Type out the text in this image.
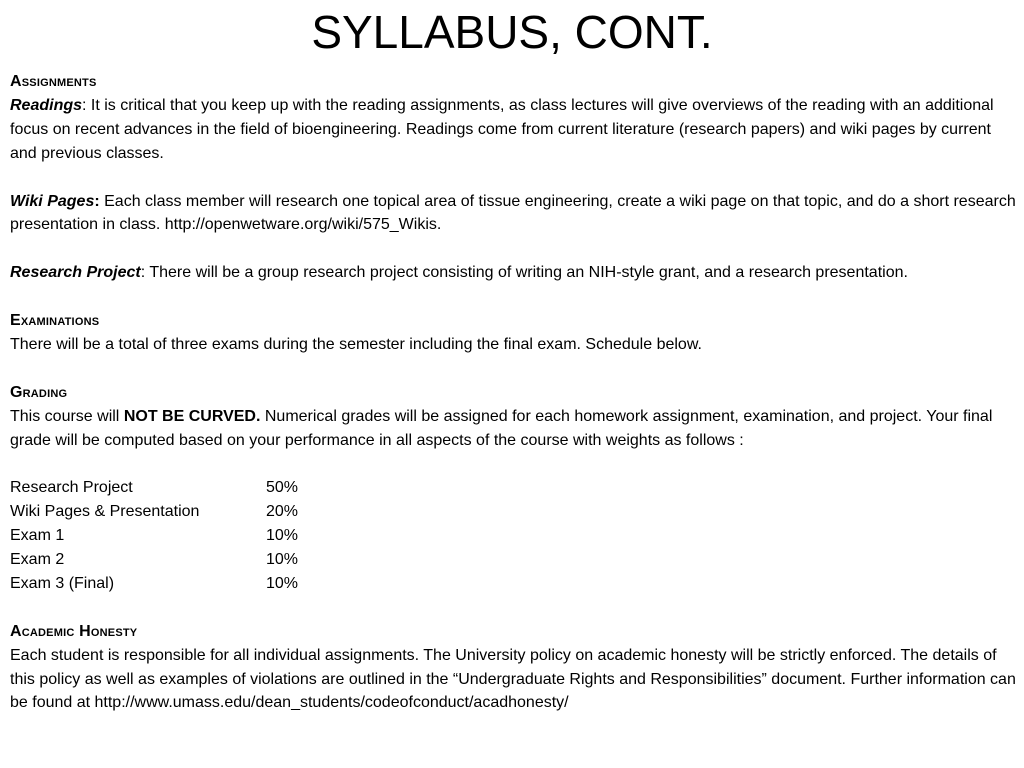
SYLLABUS, CONT.

Assignments

Readings: It is critical that you keep up with the reading assignments, as class lectures will give overviews of the reading with an additional focus on recent advances in the field of bioengineering. Readings come from current literature (research papers) and wiki pages by current and previous classes.

Wiki Pages: Each class member will research one topical area of tissue engineering, create a wiki page on that topic, and do a short research presentation in class. http://openwetware.org/wiki/575_Wikis.

Research Project: There will be a group research project consisting of writing an NIH-style grant, and a research presentation.

Examinations

There will be a total of three exams during the semester including the final exam. Schedule below.

Grading

This course will NOT BE CURVED. Numerical grades will be assigned for each homework assignment, examination, and project. Your final grade will be computed based on your performance in all aspects of the course with weights as follows :

Research Project	50%
Wiki Pages & Presentation	20%
Exam 1	10%
Exam 2	10%
Exam 3 (Final)	10%

Academic Honesty

Each student is responsible for all individual assignments. The University policy on academic honesty will be strictly enforced. The details of this policy as well as examples of violations are outlined in the “Undergraduate Rights and Responsibilities” document. Further information can be found at http://www.umass.edu/dean_students/codeofconduct/acadhonesty/
